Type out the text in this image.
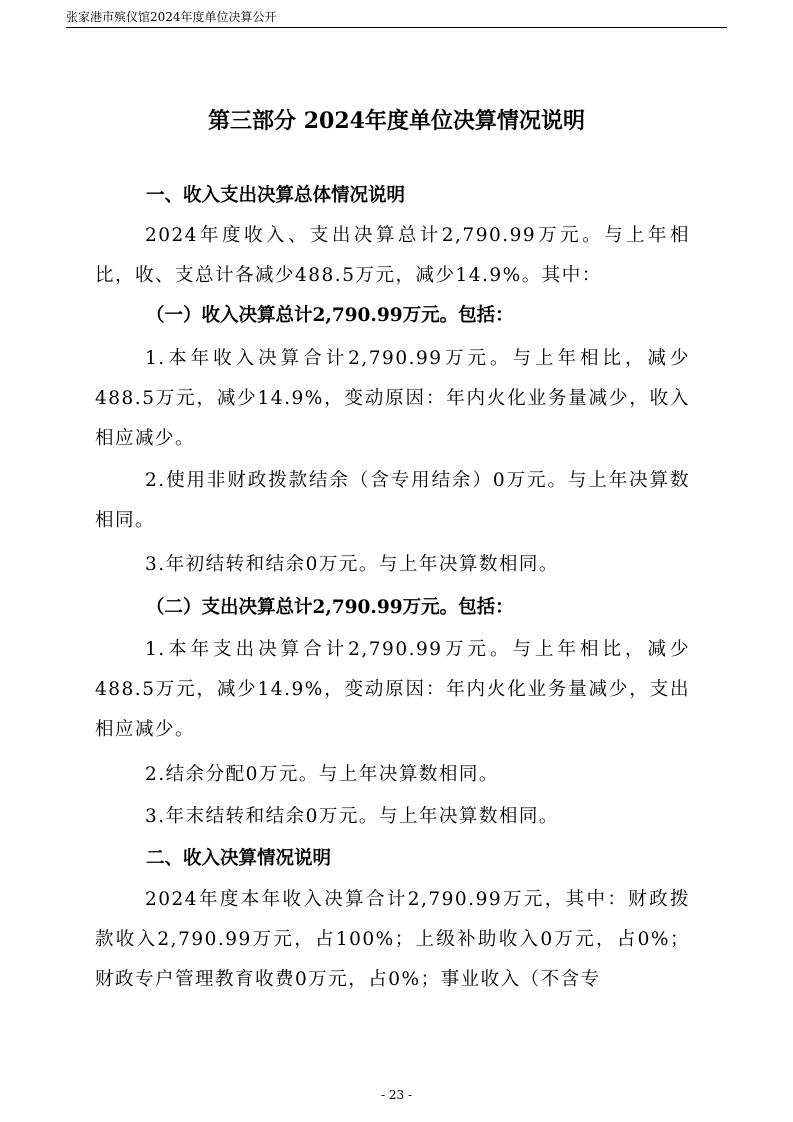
张家港市殡仪馆2024年度单位决算公开
第三部分 2024年度单位决算情况说明
一、收入支出决算总体情况说明
2024年度收入、支出决算总计2,790.99万元。与上年相比，收、支总计各减少488.5万元，减少14.9%。其中：
（一）收入决算总计2,790.99万元。包括：
1.本年收入决算合计2,790.99万元。与上年相比，减少488.5万元，减少14.9%，变动原因：年内火化业务量减少，收入相应减少。
2.使用非财政拨款结余（含专用结余）0万元。与上年决算数相同。
3.年初结转和结余0万元。与上年决算数相同。
（二）支出决算总计2,790.99万元。包括：
1.本年支出决算合计2,790.99万元。与上年相比，减少488.5万元，减少14.9%，变动原因：年内火化业务量减少，支出相应减少。
2.结余分配0万元。与上年决算数相同。
3.年末结转和结余0万元。与上年决算数相同。
二、收入决算情况说明
2024年度本年收入决算合计2,790.99万元，其中：财政拨款收入2,790.99万元，占100%；上级补助收入0万元，占0%；财政专户管理教育收费0万元，占0%；事业收入（不含专
- 23 -
